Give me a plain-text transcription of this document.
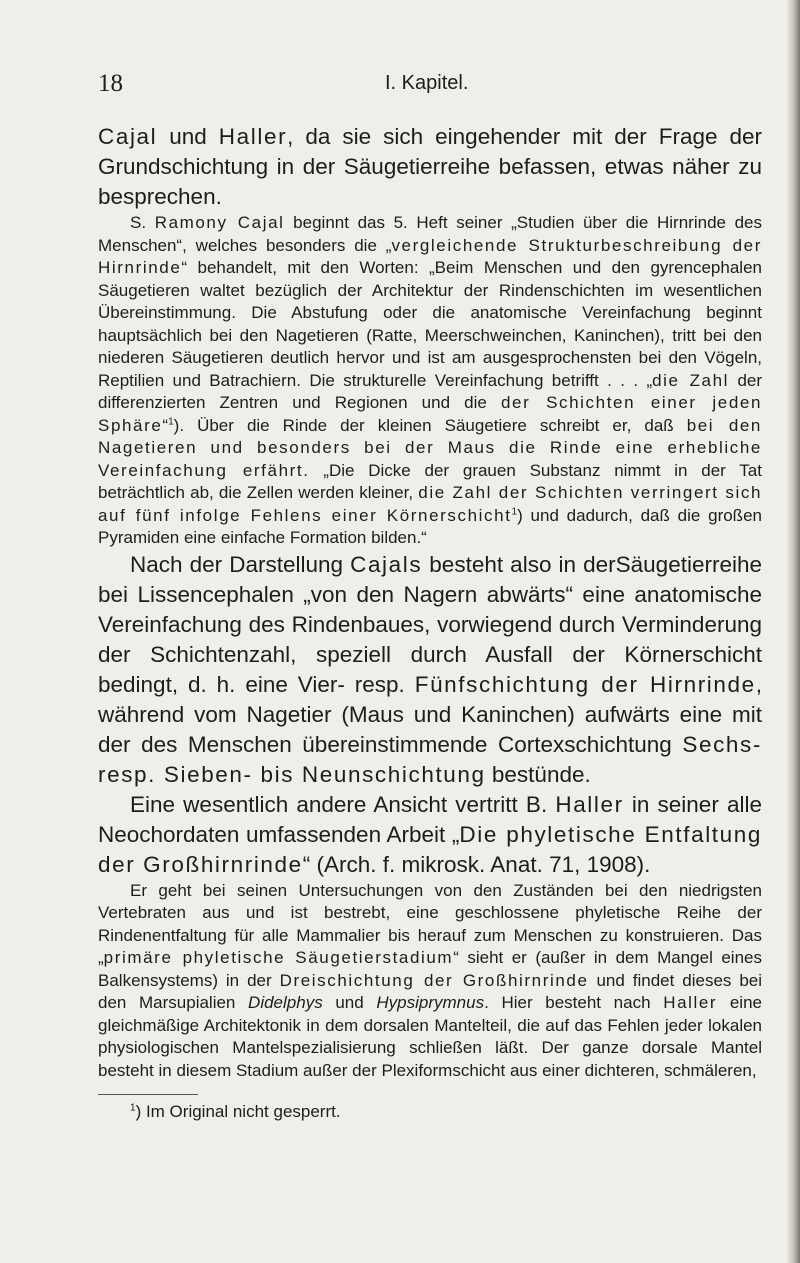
18	I. Kapitel.

Cajal und Haller, da sie sich eingehender mit der Frage der Grundschichtung in der Säugetierreihe befassen, etwas näher zu besprechen.

S. Ramony Cajal beginnt das 5. Heft seiner „Studien über die Hirnrinde des Menschen“, welches besonders die „vergleichende Strukturbeschreibung der Hirnrinde“ behandelt, mit den Worten: „Beim Menschen und den gyrencephalen Säugetieren waltet bezüglich der Architektur der Rindenschichten im wesentlichen Übereinstimmung. Die Abstufung oder die anatomische Vereinfachung beginnt hauptsächlich bei den Nagetieren (Ratte, Meerschweinchen, Kaninchen), tritt bei den niederen Säugetieren deutlich hervor und ist am ausgesprochensten bei den Vögeln, Reptilien und Batrachiern. Die strukturelle Vereinfachung betrifft . . . „die Zahl der differenzierten Zentren und Regionen und die der Schichten einer jeden Sphäre“$^1$). Über die Rinde der kleinen Säugetiere schreibt er, daß bei den Nagetieren und besonders bei der Maus die Rinde eine erhebliche Vereinfachung erfährt. „Die Dicke der grauen Substanz nimmt in der Tat beträchtlich ab, die Zellen werden kleiner, die Zahl der Schichten verringert sich auf fünf infolge Fehlens einer Körnerschicht$^1$) und dadurch, daß die großen Pyramiden eine einfache Formation bilden.“

Nach der Darstellung Cajals besteht also in derSäugetierreihe bei Lissencephalen „von den Nagern abwärts“ eine anatomische Vereinfachung des Rindenbaues, vorwiegend durch Verminderung der Schichtenzahl, speziell durch Ausfall der Körnerschicht bedingt, d. h. eine Vier- resp. Fünfschichtung der Hirnrinde, während vom Nagetier (Maus und Kaninchen) aufwärts eine mit der des Menschen übereinstimmende Cortexschichtung Sechs- resp. Sieben- bis Neunschichtung bestünde.

Eine wesentlich andere Ansicht vertritt B. Haller in seiner alle Neochordaten umfassenden Arbeit „Die phyletische Entfaltung der Großhirnrinde“ (Arch. f. mikrosk. Anat. 71, 1908).

Er geht bei seinen Untersuchungen von den Zuständen bei den niedrigsten Vertebraten aus und ist bestrebt, eine geschlossene phyletische Reihe der Rindenentfaltung für alle Mammalier bis herauf zum Menschen zu konstruieren. Das „primäre phyletische Säugetierstadium“ sieht er (außer in dem Mangel eines Balkensystems) in der Dreischichtung der Großhirnrinde und findet dieses bei den Marsupialien Didelphys und Hypsiprymnus. Hier besteht nach Haller eine gleichmäßige Architektonik in dem dorsalen Mantelteil, die auf das Fehlen jeder lokalen physiologischen Mantelspezialisierung schließen läßt. Der ganze dorsale Mantel besteht in diesem Stadium außer der Plexiformschicht aus einer dichteren, schmäleren,

$^1$) Im Original nicht gesperrt.
